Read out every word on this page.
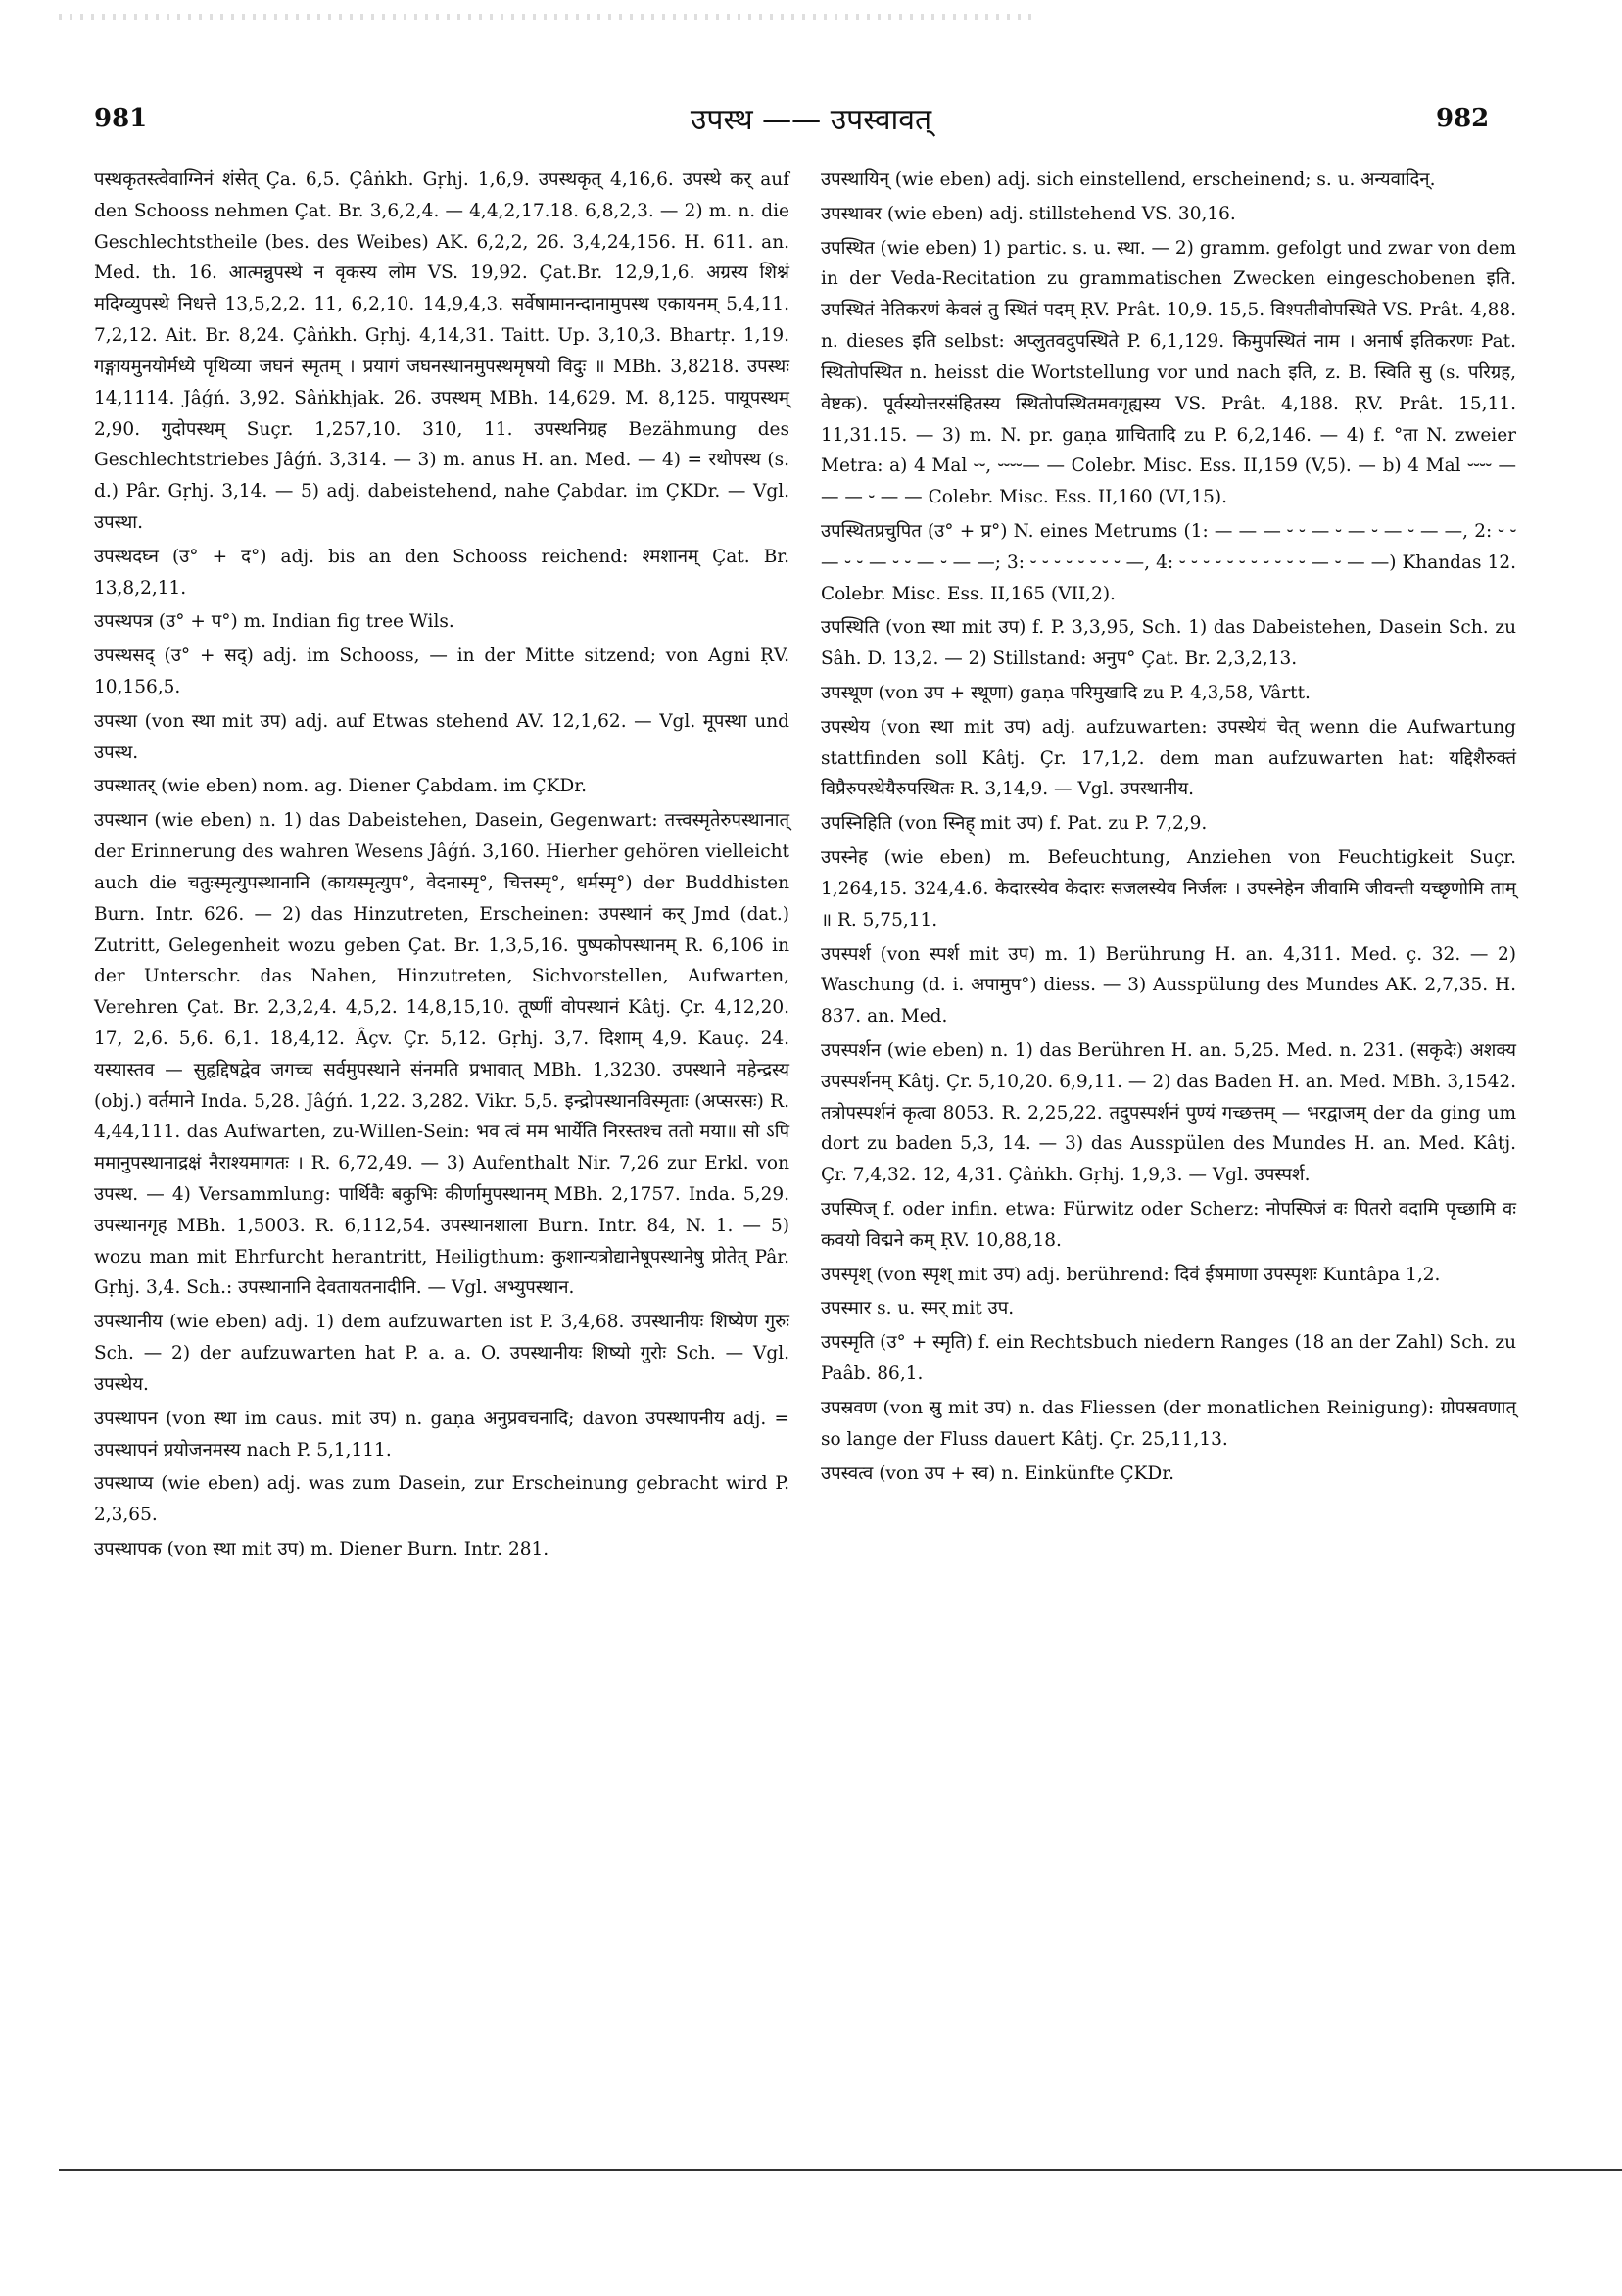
981	उपस्थ —— उपस्वावत्	982

पस्थकृतस्त्वेवाग्निनं शंसेत् Ça. 6,5. Çâṅkh. Gṛhj. 1,6,9. उपस्थकृत् 4,16,6. उपस्थे कर् auf den Schooss nehmen Çat. Br. 3,6,2,4. — 4,4,2,17.18. 6,8,2,3. — 2) m. n. die Geschlechtstheile (bes. des Weibes) AK. 6,2,2, 26. 3,4,24,156. H. 611. an. Med. th. 16. आत्मन्नुपस्थे न वृकस्य लोम VS. 19,92. Çat.Br. 12,9,1,6. अग्रस्य शिश्नं मदिग्व्युपस्थे निधत्ते 13,5,2,2. 11, 6,2,10. 14,9,4,3. सर्वेषामानन्दानामुपस्थ एकायनम् 5,4,11. 7,2,12. Ait. Br. 8,24. Çâṅkh. Gṛhj. 4,14,31. Taitt. Up. 3,10,3. Bhartṛ. 1,19. गङ्गायमुनयोर्मध्ये पृथिव्या जघनं स्मृतम् । प्रयागं जघनस्थानमुपस्थमृषयो विदुः ॥ MBh. 3,8218. उपस्थः 14,1114. Jâǵń. 3,92. Sâṅkhjak. 26. उपस्थम् MBh. 14,629. M. 8,125. पायूपस्थम् 2,90. गुदोपस्थम् Suçr. 1,257,10. 310, 11. उपस्थनिग्रह Bezähmung des Geschlechtstriebes Jâǵń. 3,314. — 3) m. anus H. an. Med. — 4) = रथोपस्थ (s. d.) Pâr. Gṛhj. 3,14. — 5) adj. dabeistehend, nahe Çabdar. im ÇKDr. — Vgl. उपस्था.

उपस्थदघ्न (उ° + द°) adj. bis an den Schooss reichend: श्मशानम् Çat. Br. 13,8,2,11.

उपस्थपत्र (उ° + प°) m. Indian fig tree Wils.

उपस्थसद् (उ° + सद्) adj. im Schooss, — in der Mitte sitzend; von Agni ṚV. 10,156,5.

उपस्था (von स्था mit उप) adj. auf Etwas stehend AV. 12,1,62. — Vgl. मूपस्था und उपस्थ.

उपस्थातर् (wie eben) nom. ag. Diener Çabdam. im ÇKDr.

उपस्थान (wie eben) n. 1) das Dabeistehen, Dasein, Gegenwart: तत्त्वस्मृतेरुपस्थानात् der Erinnerung des wahren Wesens Jâǵń. 3,160. Hierher gehören vielleicht auch die चतुःस्मृत्युपस्थानानि (कायस्मृत्युप°, वेदनास्मृ°, चित्तस्मृ°, धर्मस्मृ°) der Buddhisten Burn. Intr. 626. — 2) das Hinzutreten, Erscheinen: उपस्थानं कर् Jmd (dat.) Zutritt, Gelegenheit wozu geben Çat. Br. 1,3,5,16. पुष्पकोपस्थानम् R. 6,106 in der Unterschr. das Nahen, Hinzutreten, Sichvorstellen, Aufwarten, Verehren Çat. Br. 2,3,2,4. 4,5,2. 14,8,15,10. तूष्णीं वोपस्थानं Kâtj. Çr. 4,12,20. 17, 2,6. 5,6. 6,1. 18,4,12. Âçv. Çr. 5,12. Gṛhj. 3,7. दिशाम् 4,9. Kauç. 24. यस्यास्तव — सुहृद्दिषद्वेव जगच्च सर्वमुपस्थाने संनमति प्रभावात् MBh. 1,3230. उपस्थाने महेन्द्रस्य (obj.) वर्तमाने Inda. 5,28. Jâǵń. 1,22. 3,282. Vikr. 5,5. इन्द्रोपस्थानविस्मृताः (अप्सरसः) R. 4,44,111. das Aufwarten, zu-Willen-Sein: भव त्वं मम भार्येति निरस्तश्च ततो मया॥ सो ऽपि ममानुपस्थानाद्रक्षं नैराश्यमागतः । R. 6,72,49. — 3) Aufenthalt Nir. 7,26 zur Erkl. von उपस्थ. — 4) Versammlung: पार्थिवैः बकुभिः कीर्णामुपस्थानम् MBh. 2,1757. Inda. 5,29. उपस्थानगृह MBh. 1,5003. R. 6,112,54. उपस्थानशाला Burn. Intr. 84, N. 1. — 5) wozu man mit Ehrfurcht herantritt, Heiligthum: कुशान्यत्रोद्यानेषूपस्थानेषु प्रोतेत् Pâr. Gṛhj. 3,4. Sch.: उपस्थानानि देवतायतनादीनि. — Vgl. अभ्युपस्थान.

उपस्थानीय (wie eben) adj. 1) dem aufzuwarten ist P. 3,4,68. उपस्थानीयः शिष्येण गुरुः Sch. — 2) der aufzuwarten hat P. a. a. O. उपस्थानीयः शिष्यो गुरोः Sch. — Vgl. उपस्थेय.

उपस्थापन (von स्था im caus. mit उप) n. gaṇa अनुप्रवचनादि; davon उपस्थापनीय adj. = उपस्थापनं प्रयोजनमस्य nach P. 5,1,111.

उपस्थाप्य (wie eben) adj. was zum Dasein, zur Erscheinung gebracht wird P. 2,3,65.

उपस्थापक (von स्था mit उप) m. Diener Burn. Intr. 281.

उपस्थायिन् (wie eben) adj. sich einstellend, erscheinend; s. u. अन्यवादिन्.

उपस्थावर (wie eben) adj. stillstehend VS. 30,16.

उपस्थित (wie eben) 1) partic. s. u. स्था. — 2) gramm. gefolgt und zwar von dem in der Veda-Recitation zu grammatischen Zwecken eingeschobenen इति. उपस्थितं नेतिकरणं केवलं तु स्थितं पदम् ṚV. Prât. 10,9. 15,5. विश्पतीवोपस्थिते VS. Prât. 4,88. n. dieses इति selbst: अप्लुतवदुपस्थिते P. 6,1,129. किमुपस्थितं नाम । अनार्ष इतिकरणः Pat. स्थितोपस्थित n. heisst die Wortstellung vor und nach इति, z. B. स्विति सु (s. परिग्रह, वेष्टक). पूर्वस्योत्तरसंहितस्य स्थितोपस्थितमवगृह्यस्य VS. Prât. 4,188. ṚV. Prât. 15,11. 11,31.15. — 3) m. N. pr. gaṇa ग्राचितादि zu P. 6,2,146. — 4) f. °ता N. zweier Metra: a) 4 Mal ⏑⏑, ⏑⏑⏑⏑— — Colebr. Misc. Ess. II,159 (V,5). — b) 4 Mal ⏑⏑⏑⏑ — — — ⏑ — — Colebr. Misc. Ess. II,160 (VI,15).

उपस्थितप्रचुपित (उ° + प्र°) N. eines Metrums (1: — — — ⏑ ⏑ — ⏑ — ⏑ — ⏑ — —, 2: ⏑ ⏑ — ⏑ ⏑ — ⏑ ⏑ — ⏑ — —; 3: ⏑ ⏑ ⏑ ⏑ ⏑ ⏑ ⏑ ⏑ —, 4: ⏑ ⏑ ⏑ ⏑ ⏑ ⏑ ⏑ ⏑ ⏑ ⏑ ⏑ — ⏑ — —) Khandas 12. Colebr. Misc. Ess. II,165 (VII,2).

उपस्थिति (von स्था mit उप) f. P. 3,3,95, Sch. 1) das Dabeistehen, Dasein Sch. zu Sâh. D. 13,2. — 2) Stillstand: अनुप° Çat. Br. 2,3,2,13.

उपस्थूण (von उप + स्थूणा) gaṇa परिमुखादि zu P. 4,3,58, Vârtt.

उपस्थेय (von स्था mit उप) adj. aufzuwarten: उपस्थेयं चेत् wenn die Aufwartung stattfinden soll Kâtj. Çr. 17,1,2. dem man aufzuwarten hat: यद्दिशैरुक्तं विप्रैरुपस्थेयैरुपस्थितः R. 3,14,9. — Vgl. उपस्थानीय.

उपस्निहिति (von स्निह् mit उप) f. Pat. zu P. 7,2,9.

उपस्नेह (wie eben) m. Befeuchtung, Anziehen von Feuchtigkeit Suçr. 1,264,15. 324,4.6. केदारस्येव केदारः सजलस्येव निर्जलः । उपस्नेहेन जीवामि जीवन्ती यच्छृणोमि ताम् ॥ R. 5,75,11.

उपस्पर्श (von स्पर्श mit उप) m. 1) Berührung H. an. 4,311. Med. ç. 32. — 2) Waschung (d. i. अपामुप°) diess. — 3) Ausspülung des Mundes AK. 2,7,35. H. 837. an. Med.

उपस्पर्शन (wie eben) n. 1) das Berühren H. an. 5,25. Med. n. 231. (सकृदेः) अशक्य उपस्पर्शनम् Kâtj. Çr. 5,10,20. 6,9,11. — 2) das Baden H. an. Med. MBh. 3,1542. तत्रोपस्पर्शनं कृत्वा 8053. R. 2,25,22. तदुपस्पर्शनं पुण्यं गच्छत्तम् — भरद्वाजम् der da ging um dort zu baden 5,3, 14. — 3) das Ausspülen des Mundes H. an. Med. Kâtj. Çr. 7,4,32. 12, 4,31. Çâṅkh. Gṛhj. 1,9,3. — Vgl. उपस्पर्श.

उपस्पिज् f. oder infin. etwa: Fürwitz oder Scherz: नोपस्पिजं वः पितरो वदामि पृच्छामि वः कवयो विद्मने कम् ṚV. 10,88,18.

उपस्पृश् (von स्पृश् mit उप) adj. berührend: दिवं ईषमाणा उपस्पृशः Kuntâpa 1,2.

उपस्मार s. u. स्मर् mit उप.

उपस्मृति (उ° + स्मृति) f. ein Rechtsbuch niedern Ranges (18 an der Zahl) Sch. zu Paâb. 86,1.

उपस्रवण (von स्रु mit उप) n. das Fliessen (der monatlichen Reinigung): ग्रोपस्रवणात् so lange der Fluss dauert Kâtj. Çr. 25,11,13.

उपस्वत्व (von उप + स्व) n. Einkünfte ÇKDr.
